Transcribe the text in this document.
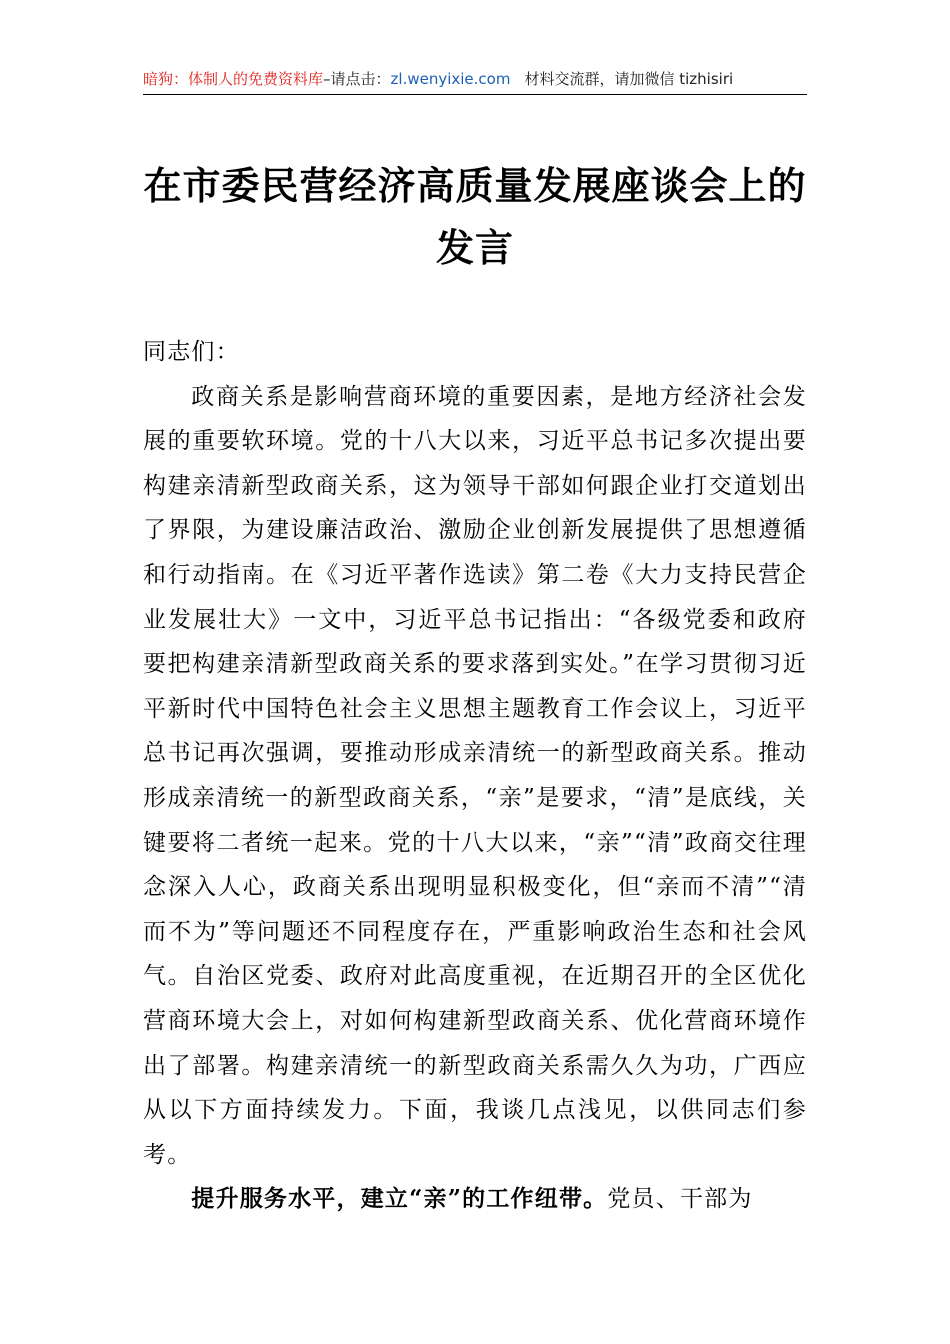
暗狗：体制人的免费资料库–请点击：zl.wenyixie.com 材料交流群，请加微信 tizhisiri
在市委民营经济高质量发展座谈会上的发言

同志们：

政商关系是影响营商环境的重要因素，是地方经济社会发展的重要软环境。党的十八大以来，习近平总书记多次提出要构建亲清新型政商关系，这为领导干部如何跟企业打交道划出了界限，为建设廉洁政治、激励企业创新发展提供了思想遵循和行动指南。在《习近平著作选读》第二卷《大力支持民营企业发展壮大》一文中，习近平总书记指出：“各级党委和政府要把构建亲清新型政商关系的要求落到实处。”在学习贯彻习近平新时代中国特色社会主义思想主题教育工作会议上，习近平总书记再次强调，要推动形成亲清统一的新型政商关系。推动形成亲清统一的新型政商关系，“亲”是要求，“清”是底线，关键要将二者统一起来。党的十八大以来，“亲”“清”政商交往理念深入人心，政商关系出现明显积极变化，但“亲而不清”“清而不为”等问题还不同程度存在，严重影响政治生态和社会风气。自治区党委、政府对此高度重视，在近期召开的全区优化营商环境大会上，对如何构建新型政商关系、优化营商环境作出了部署。构建亲清统一的新型政商关系需久久为功，广西应从以下方面持续发力。下面，我谈几点浅见，以供同志们参考。

提升服务水平，建立“亲”的工作纽带。党员、干部为
